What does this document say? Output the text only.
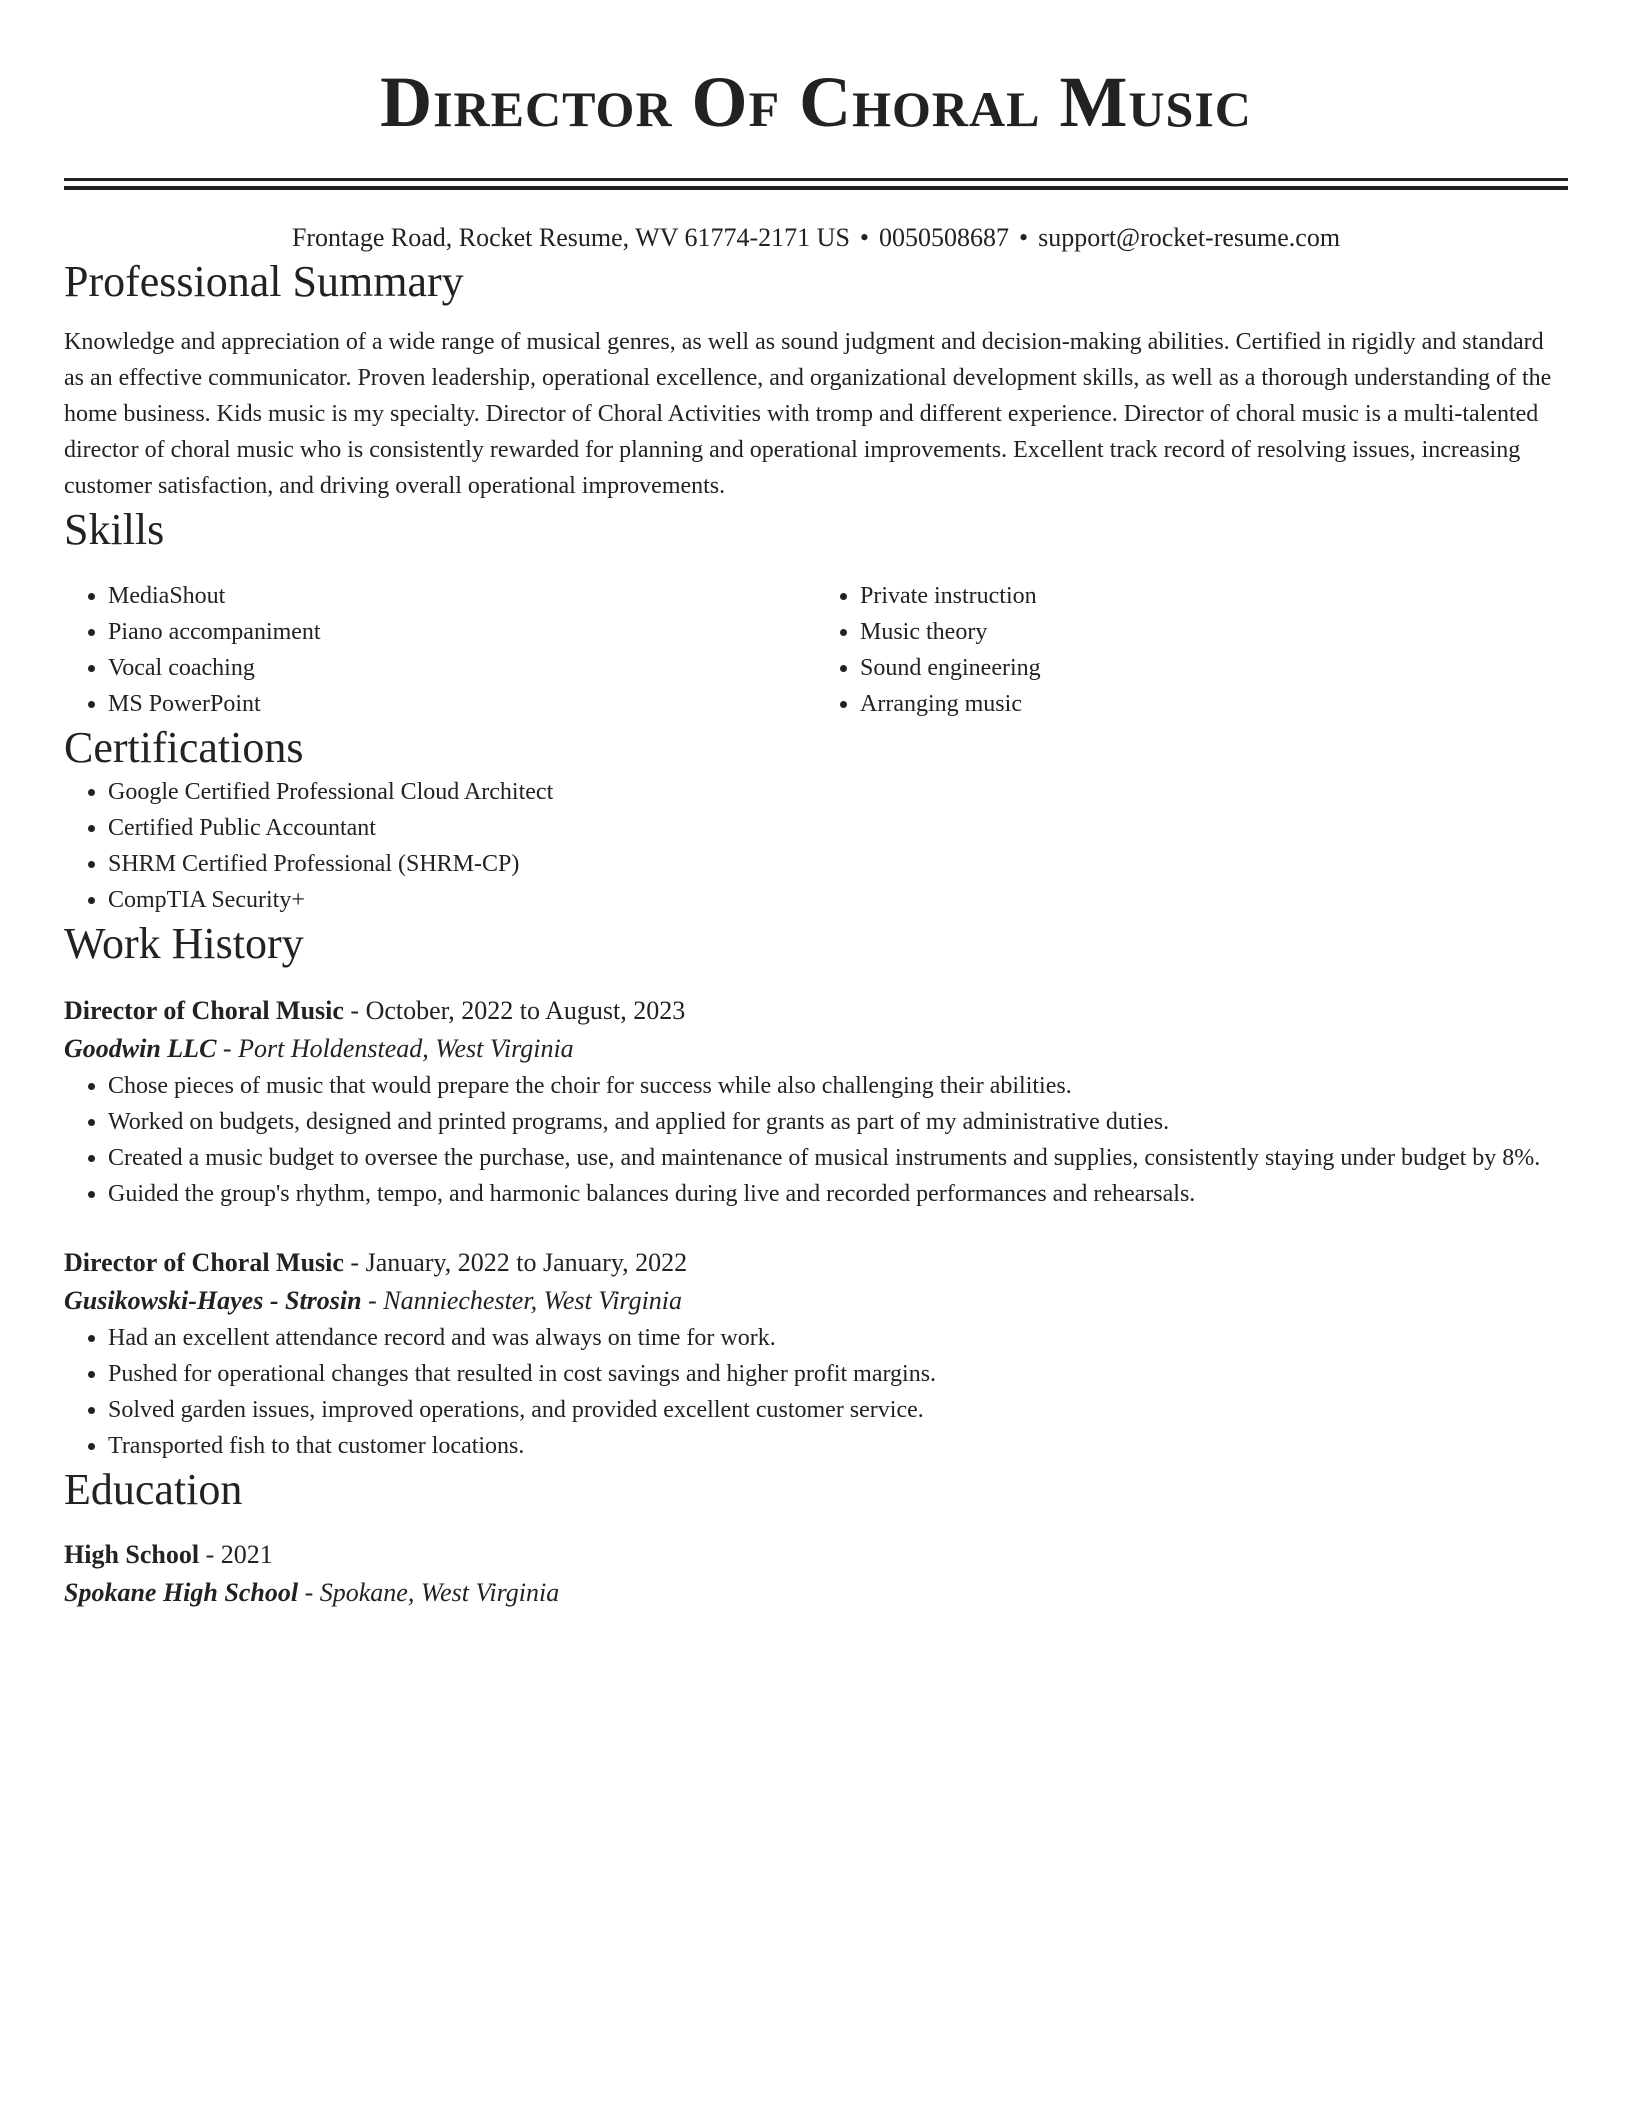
Director Of Choral Music
Frontage Road, Rocket Resume, WV 61774-2171 US • 0050508687 • support@rocket-resume.com
Professional Summary
Knowledge and appreciation of a wide range of musical genres, as well as sound judgment and decision-making abilities. Certified in rigidly and standard as an effective communicator. Proven leadership, operational excellence, and organizational development skills, as well as a thorough understanding of the home business. Kids music is my specialty. Director of Choral Activities with tromp and different experience. Director of choral music is a multi-talented director of choral music who is consistently rewarded for planning and operational improvements. Excellent track record of resolving issues, increasing customer satisfaction, and driving overall operational improvements.
Skills
• MediaShout
• Piano accompaniment
• Vocal coaching
• MS PowerPoint
• Private instruction
• Music theory
• Sound engineering
• Arranging music
Certifications
• Google Certified Professional Cloud Architect
• Certified Public Accountant
• SHRM Certified Professional (SHRM-CP)
• CompTIA Security+
Work History
Director of Choral Music - October, 2022 to August, 2023
Goodwin LLC - Port Holdenstead, West Virginia
• Chose pieces of music that would prepare the choir for success while also challenging their abilities.
• Worked on budgets, designed and printed programs, and applied for grants as part of my administrative duties.
• Created a music budget to oversee the purchase, use, and maintenance of musical instruments and supplies, consistently staying under budget by 8%.
• Guided the group's rhythm, tempo, and harmonic balances during live and recorded performances and rehearsals.
Director of Choral Music - January, 2022 to January, 2022
Gusikowski-Hayes - Strosin - Nanniechester, West Virginia
• Had an excellent attendance record and was always on time for work.
• Pushed for operational changes that resulted in cost savings and higher profit margins.
• Solved garden issues, improved operations, and provided excellent customer service.
• Transported fish to that customer locations.
Education
High School - 2021
Spokane High School - Spokane, West Virginia
